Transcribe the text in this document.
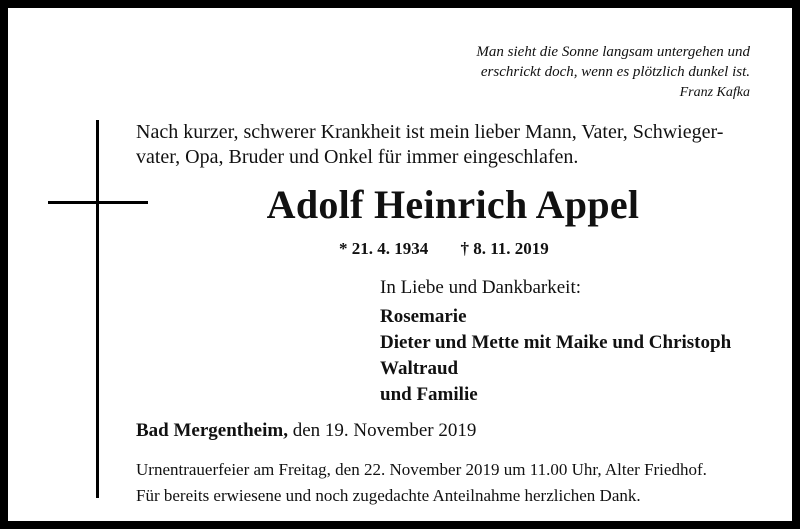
Man sieht die Sonne langsam untergehen und
erschrickt doch, wenn es plötzlich dunkel ist.
Franz Kafka
Nach kurzer, schwerer Krankheit ist mein lieber Mann, Vater, Schwieger-
vater, Opa, Bruder und Onkel für immer eingeschlafen.
Adolf Heinrich Appel
* 21. 4. 1934 † 8. 11. 2019
In Liebe und Dankbarkeit:
Rosemarie
Dieter und Mette mit Maike und Christoph
Waltraud
und Familie
Bad Mergentheim, den 19. November 2019
Urnentrauerfeier am Freitag, den 22. November 2019 um 11.00 Uhr, Alter Friedhof.
Für bereits erwiesene und noch zugedachte Anteilnahme herzlichen Dank.
